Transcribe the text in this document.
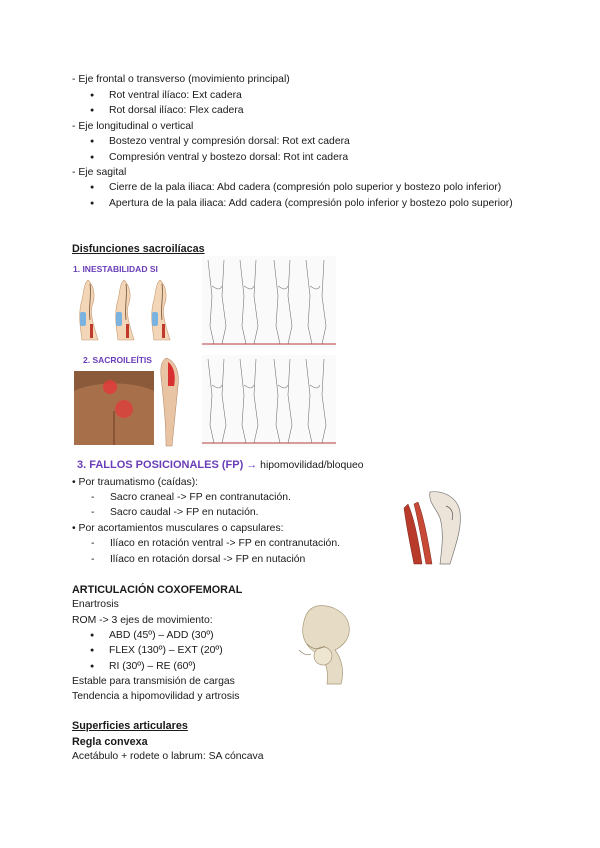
- Eje frontal o transverso (movimiento principal)
● Rot ventral ilíaco: Ext cadera
● Rot dorsal ilíaco: Flex cadera
- Eje longitudinal o vertical
● Bostezo ventral y compresión dorsal: Rot ext cadera
● Compresión ventral y bostezo dorsal: Rot int cadera
- Eje sagital
● Cierre de la pala iliaca: Abd cadera (compresión polo superior y bostezo polo inferior)
● Apertura de la pala iliaca: Add cadera (compresión polo inferior y bostezo polo superior)
Disfunciones sacroilíacas
1. INESTABILIDAD SI
2. SACROILEÍTIS
3. FALLOS POSICIONALES (FP) → hipomovilidad/bloqueo
• Por traumatismo (caídas):
- Sacro craneal -> FP en contranutación.
- Sacro caudal -> FP en nutación.
• Por acortamientos musculares o capsulares:
- Ilíaco en rotación ventral -> FP en contranutación.
- Ilíaco en rotación dorsal -> FP en nutación
ARTICULACIÓN COXOFEMORAL
Enartrosis
ROM -> 3 ejes de movimiento:
● ABD (45º) – ADD (30º)
● FLEX (130º) – EXT (20º)
● RI (30º) – RE (60º)
Estable para transmisión de cargas
Tendencia a hipomovilidad y artrosis
Superficies articulares
Regla convexa
Acetábulo + rodete o labrum: SA cóncava
